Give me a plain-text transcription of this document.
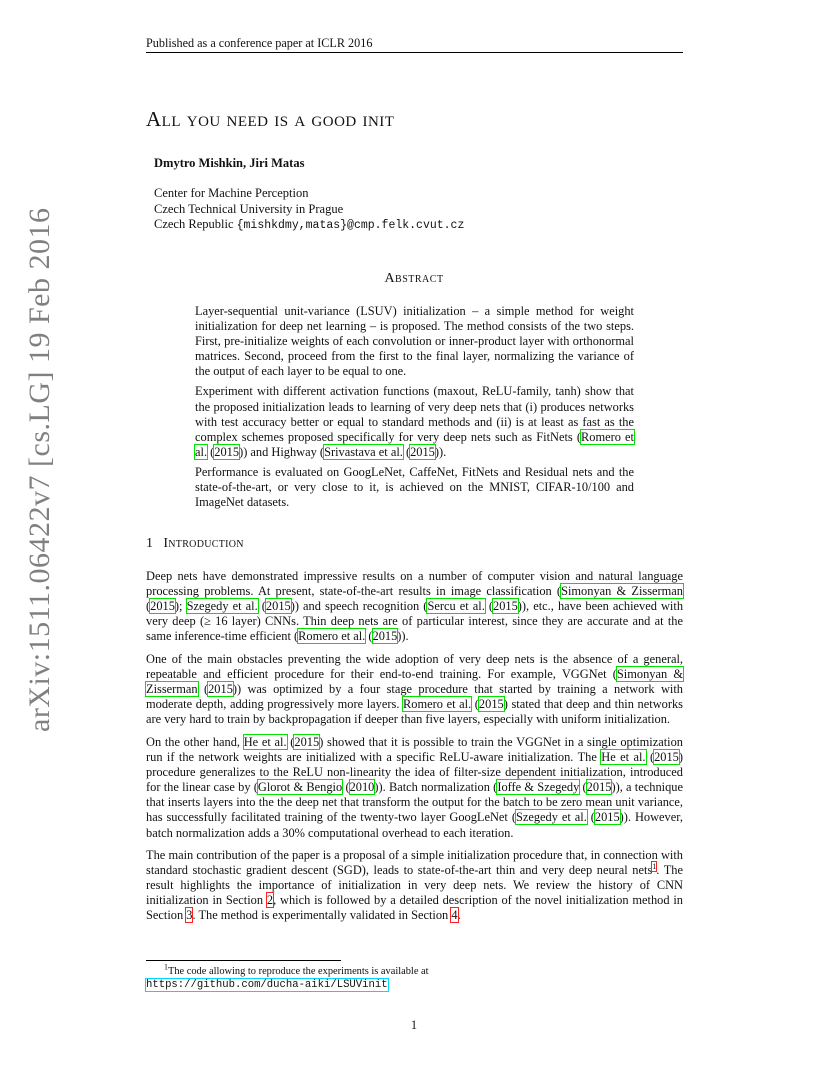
Published as a conference paper at ICLR 2016
arXiv:1511.06422v7 [cs.LG] 19 Feb 2016
All you need is a good init
Dmytro Mishkin, Jiri Matas
Center for Machine Perception
Czech Technical University in Prague
Czech Republic {mishkdmy,matas}@cmp.felk.cvut.cz
Abstract

Layer-sequential unit-variance (LSUV) initialization – a simple method for weight initialization for deep net learning – is proposed. The method consists of the two steps. First, pre-initialize weights of each convolution or inner-product layer with orthonormal matrices. Second, proceed from the first to the final layer, normalizing the variance of the output of each layer to be equal to one.

Experiment with different activation functions (maxout, ReLU-family, tanh) show that the proposed initialization leads to learning of very deep nets that (i) produces networks with test accuracy better or equal to standard methods and (ii) is at least as fast as the complex schemes proposed specifically for very deep nets such as FitNets (Romero et al. (2015)) and Highway (Srivastava et al. (2015)).

Performance is evaluated on GoogLeNet, CaffeNet, FitNets and Residual nets and the state-of-the-art, or very close to it, is achieved on the MNIST, CIFAR-10/100 and ImageNet datasets.

1 Introduction

Deep nets have demonstrated impressive results on a number of computer vision and natural language processing problems. At present, state-of-the-art results in image classification (Simonyan & Zisserman (2015); Szegedy et al. (2015)) and speech recognition (Sercu et al. (2015)), etc., have been achieved with very deep (≥ 16 layer) CNNs. Thin deep nets are of particular interest, since they are accurate and at the same inference-time efficient (Romero et al. (2015)).

One of the main obstacles preventing the wide adoption of very deep nets is the absence of a general, repeatable and efficient procedure for their end-to-end training. For example, VGGNet (Simonyan & Zisserman (2015)) was optimized by a four stage procedure that started by training a network with moderate depth, adding progressively more layers. Romero et al. (2015) stated that deep and thin networks are very hard to train by backpropagation if deeper than five layers, especially with uniform initialization.

On the other hand, He et al. (2015) showed that it is possible to train the VGGNet in a single optimization run if the network weights are initialized with a specific ReLU-aware initialization. The He et al. (2015) procedure generalizes to the ReLU non-linearity the idea of filter-size dependent initialization, introduced for the linear case by (Glorot & Bengio (2010)). Batch normalization (Ioffe & Szegedy (2015)), a technique that inserts layers into the the deep net that transform the output for the batch to be zero mean unit variance, has successfully facilitated training of the twenty-two layer GoogLeNet (Szegedy et al. (2015)). However, batch normalization adds a 30% computational overhead to each iteration.

The main contribution of the paper is a proposal of a simple initialization procedure that, in connection with standard stochastic gradient descent (SGD), leads to state-of-the-art thin and very deep neural nets$^1$. The result highlights the importance of initialization in very deep nets. We review the history of CNN initialization in Section 2, which is followed by a detailed description of the novel initialization method in Section 3. The method is experimentally validated in Section 4.

$^1$The code allowing to reproduce the experiments is available at
https://github.com/ducha-aiki/LSUVinit
1
